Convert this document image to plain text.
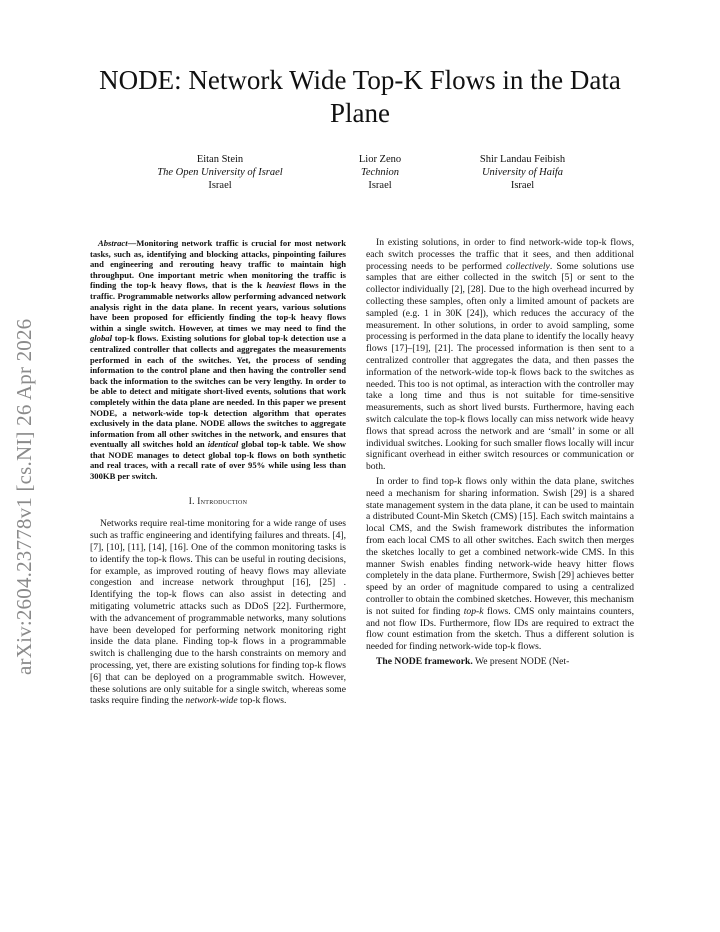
arXiv:2604.23778v1 [cs.NI] 26 Apr 2026
NODE: Network Wide Top-K Flows in the Data Plane
Eitan Stein
The Open University of Israel
Israel
Lior Zeno
Technion
Israel
Shir Landau Feibish
University of Haifa
Israel

Abstract—Monitoring network traffic is crucial for most network tasks, such as, identifying and blocking attacks, pinpointing failures and engineering and rerouting heavy traffic to maintain high throughput. One important metric when monitoring the traffic is finding the top-k heavy flows, that is the k heaviest flows in the traffic. Programmable networks allow performing advanced network analysis right in the data plane. In recent years, various solutions have been proposed for efficiently finding the top-k heavy flows within a single switch. However, at times we may need to find the global top-k flows. Existing solutions for global top-k detection use a centralized controller that collects and aggregates the measurements performed in each of the switches. Yet, the process of sending information to the control plane and then having the controller send back the information to the switches can be very lengthy. In order to be able to detect and mitigate short-lived events, solutions that work completely within the data plane are needed. In this paper we present NODE, a network-wide top-k detection algorithm that operates exclusively in the data plane. NODE allows the switches to aggregate information from all other switches in the network, and ensures that eventually all switches hold an identical global top-k table. We show that NODE manages to detect global top-k flows on both synthetic and real traces, with a recall rate of over 95% while using less than 300KB per switch.

I. Introduction

Networks require real-time monitoring for a wide range of uses such as traffic engineering and identifying failures and threats. [4], [7], [10], [11], [14], [16]. One of the common monitoring tasks is to identify the top-k flows. This can be useful in routing decisions, for example, as improved routing of heavy flows may alleviate congestion and increase network throughput [16], [25] . Identifying the top-k flows can also assist in detecting and mitigating volumetric attacks such as DDoS [22]. Furthermore, with the advancement of programmable networks, many solutions have been developed for performing network monitoring right inside the data plane. Finding top-k flows in a programmable switch is challenging due to the harsh constraints on memory and processing, yet, there are existing solutions for finding top-k flows [6] that can be deployed on a programmable switch. However, these solutions are only suitable for a single switch, whereas some tasks require finding the network-wide top-k flows.

In existing solutions, in order to find network-wide top-k flows, each switch processes the traffic that it sees, and then additional processing needs to be performed collectively. Some solutions use samples that are either collected in the switch [5] or sent to the collector individually [2], [28]. Due to the high overhead incurred by collecting these samples, often only a limited amount of packets are sampled (e.g. 1 in 30K [24]), which reduces the accuracy of the measurement. In other solutions, in order to avoid sampling, some processing is performed in the data plane to identify the locally heavy flows [17]–[19], [21]. The processed information is then sent to a centralized controller that aggregates the data, and then passes the information of the network-wide top-k flows back to the switches as needed. This too is not optimal, as interaction with the controller may take a long time and thus is not suitable for time-sensitive measurements, such as short lived bursts. Furthermore, having each switch calculate the top-k flows locally can miss network wide heavy flows that spread across the network and are ‘small’ in some or all individual switches. Looking for such smaller flows locally will incur significant overhead in either switch resources or communication or both.

In order to find top-k flows only within the data plane, switches need a mechanism for sharing information. Swish [29] is a shared state management system in the data plane, it can be used to maintain a distributed Count-Min Sketch (CMS) [15]. Each switch maintains a local CMS, and the Swish framework distributes the information from each local CMS to all other switches. Each switch then merges the sketches locally to get a combined network-wide CMS. In this manner Swish enables finding network-wide heavy hitter flows completely in the data plane. Furthermore, Swish [29] achieves better speed by an order of magnitude compared to using a centralized controller to obtain the combined sketches. However, this mechanism is not suited for finding top-k flows. CMS only maintains counters, and not flow IDs. Furthermore, flow IDs are required to extract the flow count estimation from the sketch. Thus a different solution is needed for finding network-wide top-k flows.

The NODE framework. We present NODE (Net-
